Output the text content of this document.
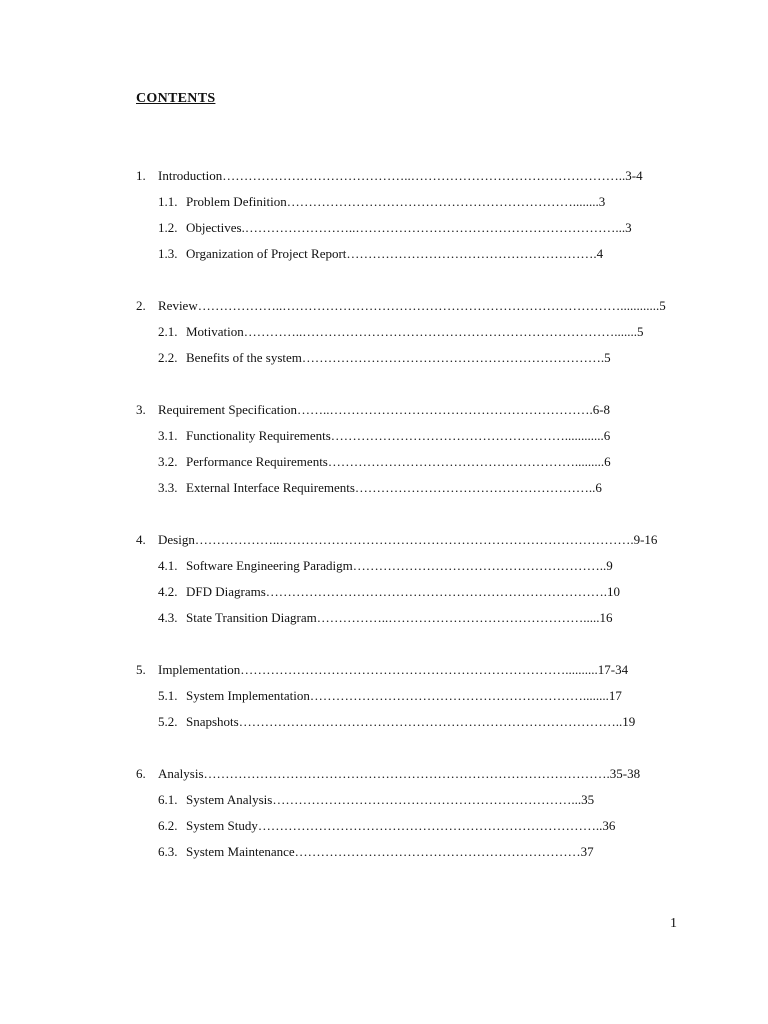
CONTENTS
1. Introduction……………………………………..…………………………………………..3-4
1.1. Problem Definition…………………………………………………………........3
1.2. Objectives.……………………..……………………………………………………...3
1.3. Organization of Project Report………………………………………………….4
2. Review………………..……………………………………………………………………............5
2.1. Motivation…………..……………………………………………………………….......5
2.2. Benefits of the system…………………………………………………………….5
3. Requirement Specification……..…………………………………………………….6-8
3.1. Functionality Requirements………………………………………………............6
3.2. Performance Requirements………………………………………………….........6
3.3. External Interface Requirements………………………………………………..6
4. Design………………..……………………………………………………………………….9-16
4.1. Software Engineering Paradigm…………………………………………………..9
4.2. DFD Diagrams…………………………………………………………………….10
4.3. State Transition Diagram……………..……………………………………….....16
5. Implementation…………………………………………………………………..........17-34
5.1. System Implementation………………………………………………………........17
5.2. Snapshots……………………………………………………………………………..19
6. Analysis………………………………………………………………………………….35-38
6.1. System Analysis……………………………………………………………...35
6.2. System Study……………………………………………………………………..36
6.3. System Maintenance…………………………………………………………37
1
